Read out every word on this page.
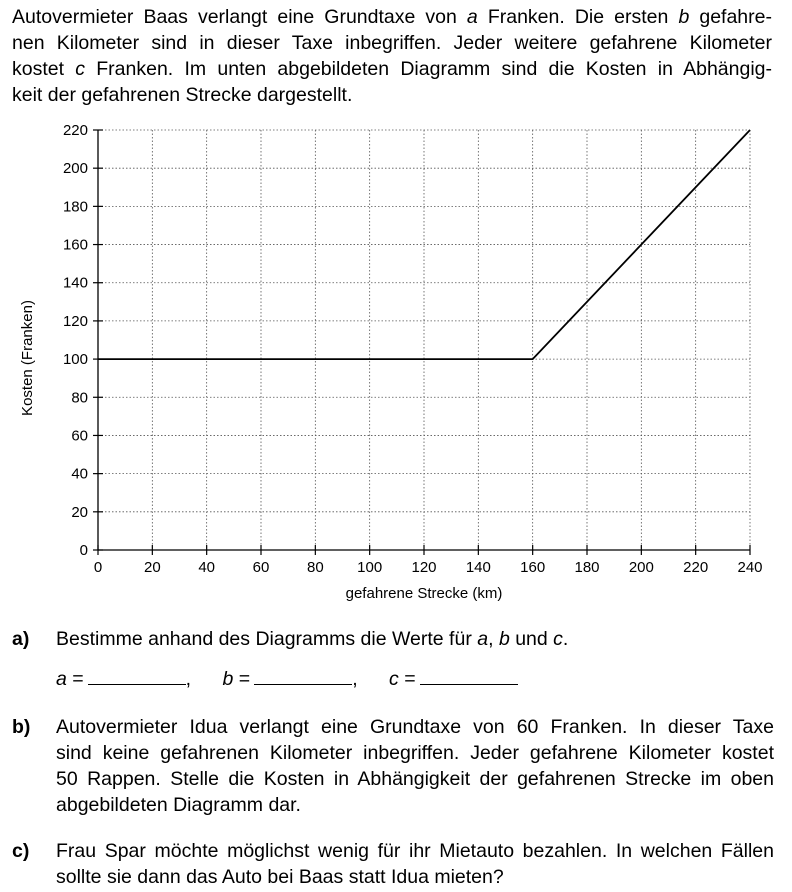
Autovermieter Baas verlangt eine Grundtaxe von a Franken. Die ersten b gefahre-
nen Kilometer sind in dieser Taxe inbegriffen. Jeder weitere gefahrene Kilometer
kostet c Franken. Im unten abgebildeten Diagramm sind die Kosten in Abhängig-
keit der gefahrenen Strecke dargestellt.
0	20	40	60	80 100 120 140 160 180 200 220 240
0
20
40
60
80
100
120
140
160
180
200
220
gefahrene Strecke (km)
Kosten (Franken)
a) Bestimme anhand des Diagramms die Werte für a, b und c.
a =	, b =	, c =
b) Autovermieter Idua verlangt eine Grundtaxe von 60 Franken. In dieser Taxe
sind keine gefahrenen Kilometer inbegriffen. Jeder gefahrene Kilometer kostet
50 Rappen. Stelle die Kosten in Abhängigkeit der gefahrenen Strecke im oben
abgebildeten Diagramm dar.
c) Frau Spar möchte möglichst wenig für ihr Mietauto bezahlen. In welchen Fällen
sollte sie dann das Auto bei Baas statt Idua mieten?
